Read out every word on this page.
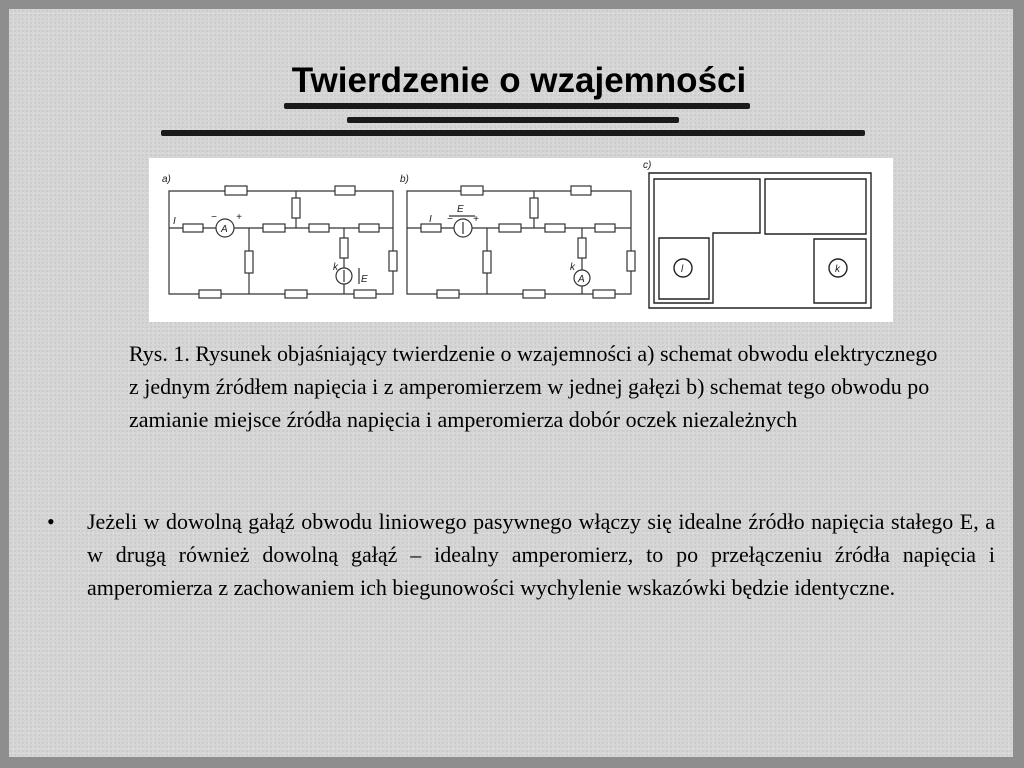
Twierdzenie o wzajemności
a)
I
A
− +
k
E
b)
I
E
− +
k
A
c)
l	k

Rys. 1. Rysunek objaśniający twierdzenie o wzajemności a) schemat obwodu elektrycznego z jednym źródłem napięcia i z amperomierzem w jednej gałęzi b) schemat tego obwodu po zamianie miejsce źródła napięcia i amperomierza dobór oczek niezależnych

• Jeżeli w dowolną gałąź obwodu liniowego pasywnego włączy się idealne źródło napięcia stałego E, a w drugą również dowolną gałąź – idealny amperomierz, to po przełączeniu źródła napięcia i amperomierza z zachowaniem ich biegunowości wychylenie wskazówki będzie identyczne.
